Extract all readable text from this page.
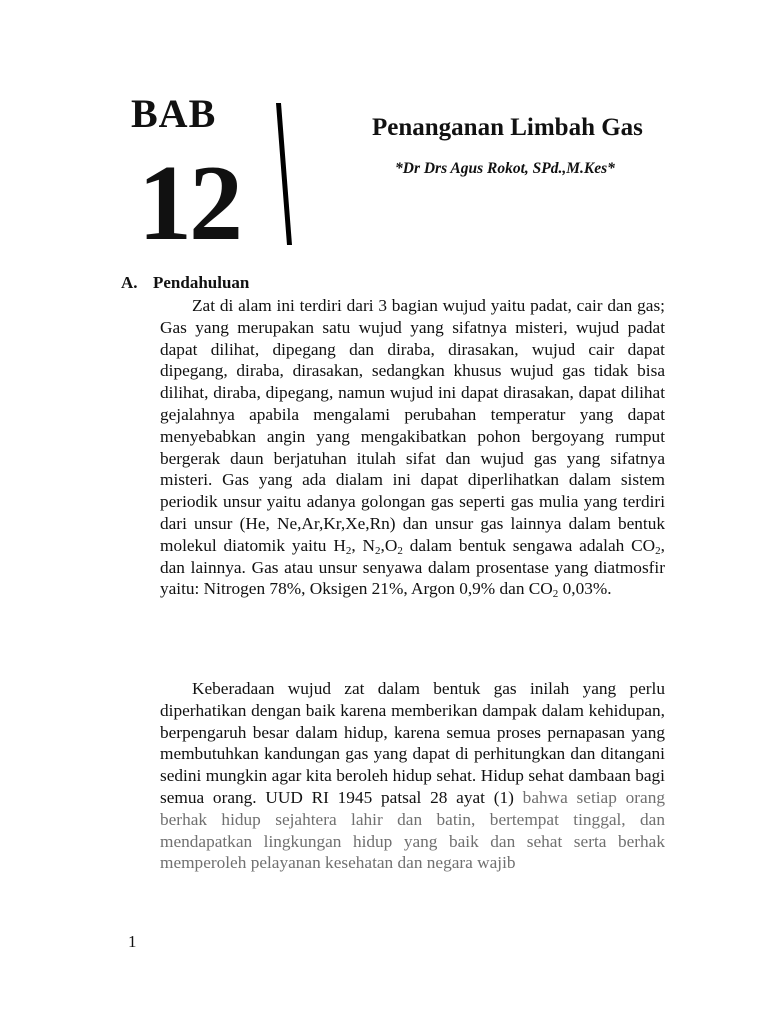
BAB
12
Penanganan Limbah Gas
*Dr Drs Agus Rokot, SPd.,M.Kes*
A. Pendahuluan

Zat di alam ini terdiri dari 3 bagian wujud yaitu padat, cair dan gas; Gas yang merupakan satu wujud yang sifatnya misteri, wujud padat dapat dilihat, dipegang dan diraba, dirasakan, wujud cair dapat dipegang, diraba, dirasakan, sedangkan khusus wujud gas tidak bisa dilihat, diraba, dipegang, namun wujud ini dapat dirasakan, dapat dilihat gejalahnya apabila mengalami perubahan temperatur yang dapat menyebabkan angin yang mengakibatkan pohon bergoyang rumput bergerak daun berjatuhan itulah sifat dan wujud gas yang sifatnya misteri. Gas yang ada dialam ini dapat diperlihatkan dalam sistem periodik unsur yaitu adanya golongan gas seperti gas mulia yang terdiri dari unsur (He, Ne,Ar,Kr,Xe,Rn) dan unsur gas lainnya dalam bentuk molekul diatomik yaitu $H_2$, $N_2,O_2$ dalam bentuk sengawa adalah $CO_2$, dan lainnya. Gas atau unsur senyawa dalam prosentase yang diatmosfir yaitu: Nitrogen 78%, Oksigen 21%, Argon 0,9% dan $CO_2$ 0,03%.

Keberadaan wujud zat dalam bentuk gas inilah yang perlu diperhatikan dengan baik karena memberikan dampak dalam kehidupan, berpengaruh besar dalam hidup, karena semua proses pernapasan yang membutuhkan kandungan gas yang dapat di perhitungkan dan ditangani sedini mungkin agar kita beroleh hidup sehat. Hidup sehat dambaan bagi semua orang. UUD RI 1945 patsal 28 ayat (1) bahwa setiap orang berhak hidup sejahtera lahir dan batin, bertempat tinggal, dan mendapatkan lingkungan hidup yang baik dan sehat serta berhak memperoleh pelayanan kesehatan dan negara wajib

1
